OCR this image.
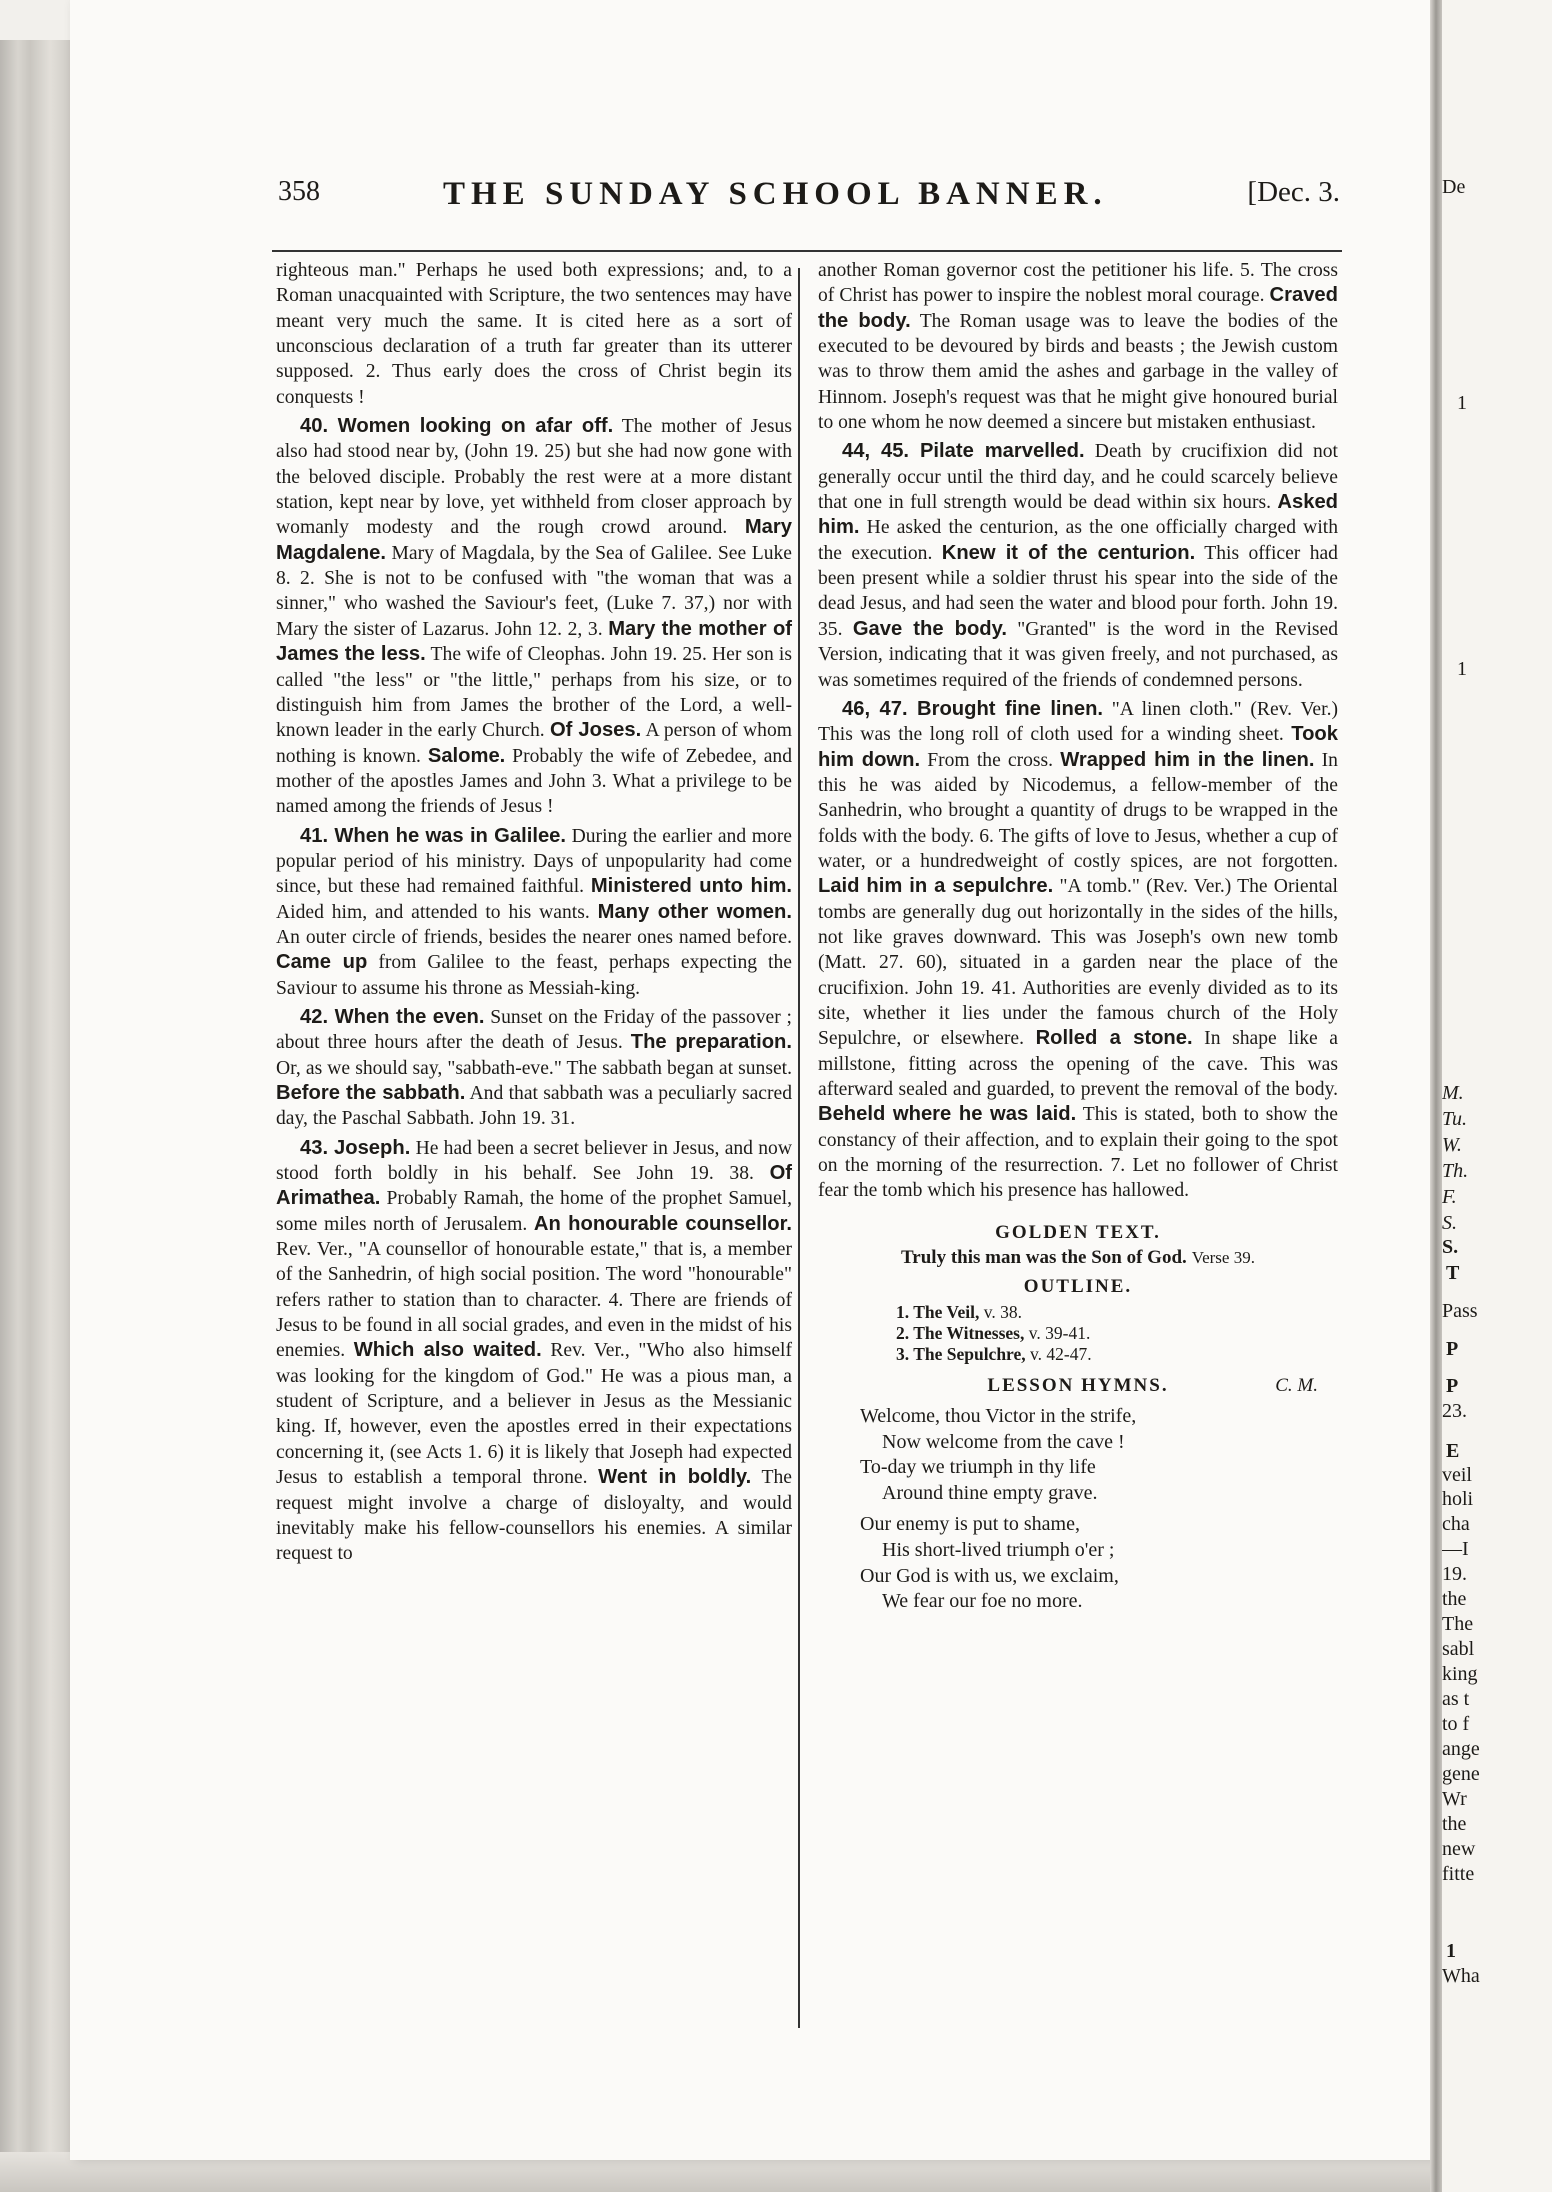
358	THE SUNDAY SCHOOL BANNER.	[Dec. 3.

righteous man." Perhaps he used both expressions; and, to a Roman unacquainted with Scripture, the two sentences may have meant very much the same. It is cited here as a sort of unconscious declaration of a truth far greater than its utterer supposed. 2. Thus early does the cross of Christ begin its conquests !

40. Women looking on afar off. The mother of Jesus also had stood near by, (John 19. 25) but she had now gone with the beloved disciple. Probably the rest were at a more distant station, kept near by love, yet withheld from closer approach by womanly modesty and the rough crowd around. Mary Magdalene. Mary of Magdala, by the Sea of Galilee. See Luke 8. 2. She is not to be confused with "the woman that was a sinner," who washed the Saviour's feet, (Luke 7. 37,) nor with Mary the sister of Lazarus. John 12. 2, 3. Mary the mother of James the less. The wife of Cleophas. John 19. 25. Her son is called "the less" or "the little," perhaps from his size, or to distinguish him from James the brother of the Lord, a well-known leader in the early Church. Of Joses. A person of whom nothing is known. Salome. Probably the wife of Zebedee, and mother of the apostles James and John 3. What a privilege to be named among the friends of Jesus !

41. When he was in Galilee. During the earlier and more popular period of his ministry. Days of unpopularity had come since, but these had remained faithful. Ministered unto him. Aided him, and attended to his wants. Many other women. An outer circle of friends, besides the nearer ones named before. Came up from Galilee to the feast, perhaps expecting the Saviour to assume his throne as Messiah-king.

42. When the even. Sunset on the Friday of the passover ; about three hours after the death of Jesus. The preparation. Or, as we should say, "sabbath-eve." The sabbath began at sunset. Before the sabbath. And that sabbath was a peculiarly sacred day, the Paschal Sabbath. John 19. 31.

43. Joseph. He had been a secret believer in Jesus, and now stood forth boldly in his behalf. See John 19. 38. Of Arimathea. Probably Ramah, the home of the prophet Samuel, some miles north of Jerusalem. An honourable counsellor. Rev. Ver., "A counsellor of honourable estate," that is, a member of the Sanhedrin, of high social position. The word "honourable" refers rather to station than to character. 4. There are friends of Jesus to be found in all social grades, and even in the midst of his enemies. Which also waited. Rev. Ver., "Who also himself was looking for the kingdom of God." He was a pious man, a student of Scripture, and a believer in Jesus as the Messianic king. If, however, even the apostles erred in their expectations concerning it, (see Acts 1. 6) it is likely that Joseph had expected Jesus to establish a temporal throne. Went in boldly. The request might involve a charge of disloyalty, and would inevitably make his fellow-counsellors his enemies. A similar request to

another Roman governor cost the petitioner his life. 5. The cross of Christ has power to inspire the noblest moral courage. Craved the body. The Roman usage was to leave the bodies of the executed to be devoured by birds and beasts ; the Jewish custom was to throw them amid the ashes and garbage in the valley of Hinnom. Joseph's request was that he might give honoured burial to one whom he now deemed a sincere but mistaken enthusiast.

44, 45. Pilate marvelled. Death by crucifixion did not generally occur until the third day, and he could scarcely believe that one in full strength would be dead within six hours. Asked him. He asked the centurion, as the one officially charged with the execution. Knew it of the centurion. This officer had been present while a soldier thrust his spear into the side of the dead Jesus, and had seen the water and blood pour forth. John 19. 35. Gave the body. "Granted" is the word in the Revised Version, indicating that it was given freely, and not purchased, as was sometimes required of the friends of condemned persons.

46, 47. Brought fine linen. "A linen cloth." (Rev. Ver.) This was the long roll of cloth used for a winding sheet. Took him down. From the cross. Wrapped him in the linen. In this he was aided by Nicodemus, a fellow-member of the Sanhedrin, who brought a quantity of drugs to be wrapped in the folds with the body. 6. The gifts of love to Jesus, whether a cup of water, or a hundredweight of costly spices, are not forgotten. Laid him in a sepulchre. "A tomb." (Rev. Ver.) The Oriental tombs are generally dug out horizontally in the sides of the hills, not like graves downward. This was Joseph's own new tomb (Matt. 27. 60), situated in a garden near the place of the crucifixion. John 19. 41. Authorities are evenly divided as to its site, whether it lies under the famous church of the Holy Sepulchre, or elsewhere. Rolled a stone. In shape like a millstone, fitting across the opening of the cave. This was afterward sealed and guarded, to prevent the removal of the body. Beheld where he was laid. This is stated, both to show the constancy of their affection, and to explain their going to the spot on the morning of the resurrection. 7. Let no follower of Christ fear the tomb which his presence has hallowed.

GOLDEN TEXT.
Truly this man was the Son of God. Verse 39.
OUTLINE.
1. The Veil, v. 38.
2. The Witnesses, v. 39-41.
3. The Sepulchre, v. 42-47.
LESSON HYMNS.	C. M.
Welcome, thou Victor in the strife,
Now welcome from the cave !
To-day we triumph in thy life
Around thine empty grave.
Our enemy is put to shame,
His short-lived triumph o'er ;
Our God is with us, we exclaim,
We fear our foe no more.
De
1
1
M.
Tu.
W.
Th.
F.
S.
S.
T
Pass
P
P
23.
E
veil
holi
cha
—I
19.
the
The
sabl
king
as t
to f
ange
gene
Wr
the
new
fitte
1
Wha
